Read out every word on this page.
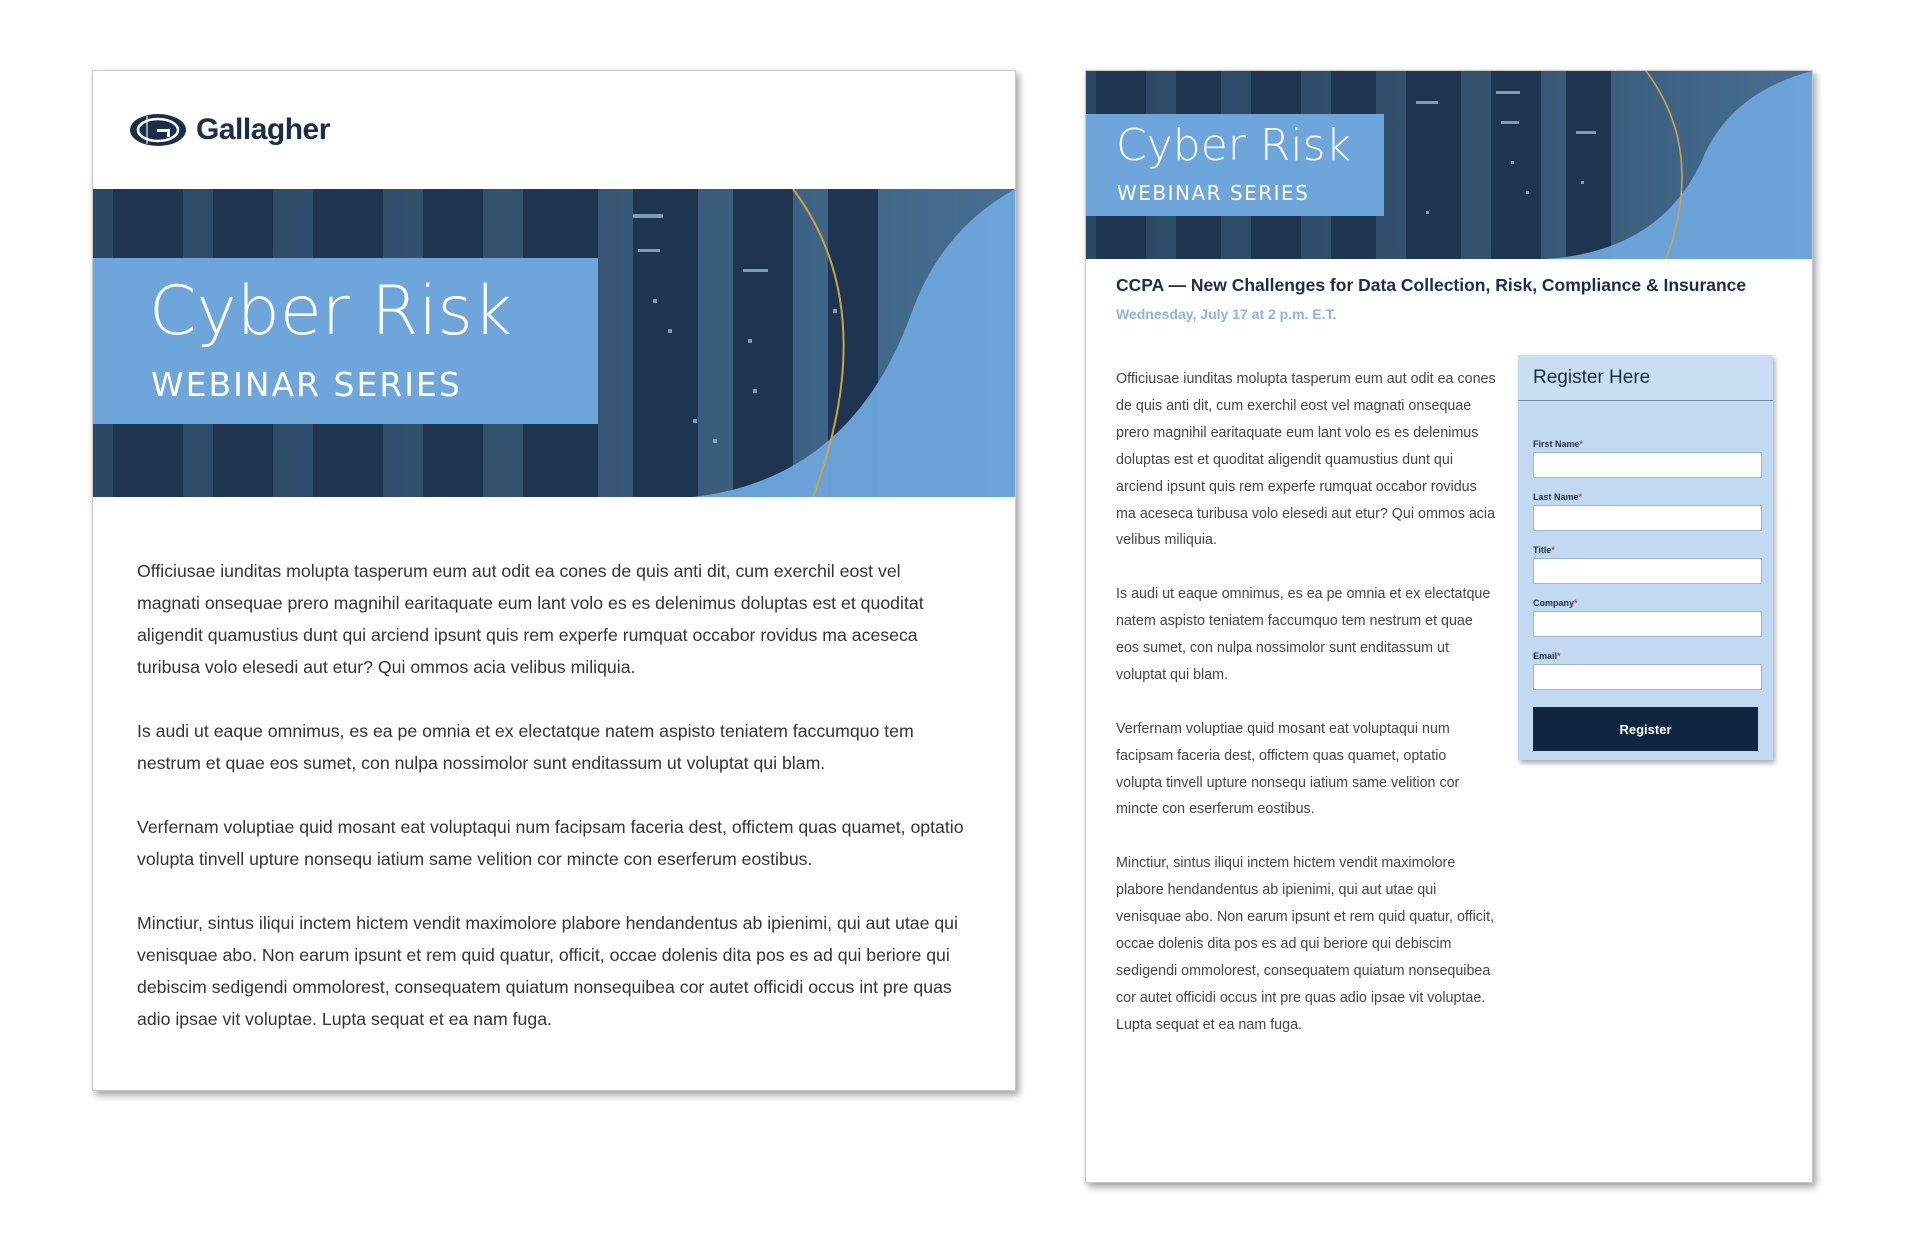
Gallagher
Cyber Risk
WEBINAR SERIES

Officiusae iunditas molupta tasperum eum aut odit ea cones de quis anti dit, cum exerchil eost vel magnati onsequae prero magnihil earitaquate eum lant volo es es delenimus doluptas est et quoditat aligendit quamustius dunt qui arciend ipsunt quis rem experfe rumquat occabor rovidus ma aceseca turibusa volo elesedi aut etur? Qui ommos acia velibus miliquia.

Is audi ut eaque omnimus, es ea pe omnia et ex electatque natem aspisto teniatem faccumquo tem nestrum et quae eos sumet, con nulpa nossimolor sunt enditassum ut voluptat qui blam.

Verfernam voluptiae quid mosant eat voluptaqui num facipsam faceria dest, offictem quas quamet, optatio volupta tinvell upture nonsequ iatium same velition cor mincte con eserferum eostibus.

Minctiur, sintus iliqui inctem hictem vendit maximolore plabore hendandentus ab ipienimi, qui aut utae qui venisquae abo. Non earum ipsunt et rem quid quatur, officit, occae dolenis dita pos es ad qui beriore qui debiscim sedigendi ommolorest, consequatem quiatum nonsequibea cor autet officidi occus int pre quas adio ipsae vit voluptae. Lupta sequat et ea nam fuga.

Cyber Risk
WEBINAR SERIES
CCPA — New Challenges for Data Collection, Risk, Compliance & Insurance
Wednesday, July 17 at 2 p.m. E.T.

Officiusae iunditas molupta tasperum eum aut odit ea cones de quis anti dit, cum exerchil eost vel magnati onsequae prero magnihil earitaquate eum lant volo es es delenimus doluptas est et quoditat aligendit quamustius dunt qui arciend ipsunt quis rem experfe rumquat occabor rovidus ma aceseca turibusa volo elesedi aut etur? Qui ommos acia velibus miliquia.

Is audi ut eaque omnimus, es ea pe omnia et ex electatque natem aspisto teniatem faccumquo tem nestrum et quae eos sumet, con nulpa nossimolor sunt enditassum ut voluptat qui blam.

Verfernam voluptiae quid mosant eat voluptaqui num facipsam faceria dest, offictem quas quamet, optatio volupta tinvell upture nonsequ iatium same velition cor mincte con eserferum eostibus.

Minctiur, sintus iliqui inctem hictem vendit maximolore plabore hendandentus ab ipienimi, qui aut utae qui venisquae abo. Non earum ipsunt et rem quid quatur, officit, occae dolenis dita pos es ad qui beriore qui debiscim sedigendi ommolorest, consequatem quiatum nonsequibea cor autet officidi occus int pre quas adio ipsae vit voluptae. Lupta sequat et ea nam fuga.

Register Here
First Name*
Last Name*
Title*
Company*
Email*
Register
